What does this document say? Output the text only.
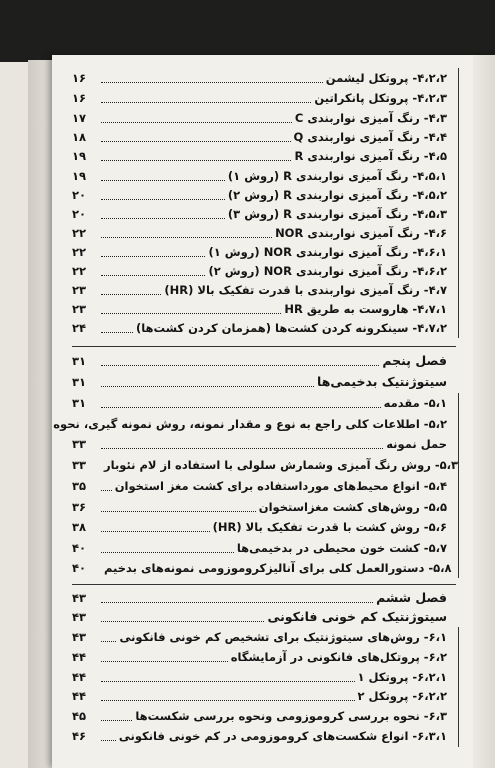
۱۶	۴،۲،۲- پروتکل لیشمن
۱۶	۴،۲،۳- پروتکل پانکراتین
۱۷	۴،۳- رنگ آمیزی نواربندی C
۱۸	۴،۴- رنگ آمیزی نواربندی Q
۱۹	۴،۵- رنگ آمیزی نواربندی R
۱۹	۴،۵،۱- رنگ آمیزی نواربندی R (روش ۱)
۲۰	۴،۵،۲- رنگ آمیزی نواربندی R (روش ۲)
۲۰	۴،۵،۳- رنگ آمیزی نواربندی R (روش ۳)
۲۲	۴،۶- رنگ آمیزی نواربندی NOR
۲۲	۴،۶،۱- رنگ آمیزی نواربندی NOR (روش ۱)
۲۲	۴،۶،۲- رنگ آمیزی نواربندی NOR (روش ۲)
۲۳	۴،۷- رنگ آمیزی نواربندی با قدرت تفکیک بالا (HR)
۲۳	۴،۷،۱- هاروست به طریق HR
۲۴	۴،۷،۲- سینکرونه کردن کشت‌ها (همزمان کردن کشت‌ها)
۳۱	فصل پنجم
۳۱	سیتوژنتیک بدخیمی‌ها
۳۱	۵،۱- مقدمه
۵،۲- اطلاعات کلی راجع به نوع و مقدار نمونه، روش نمونه گیری، نحوه
۳۳	حمل نمونه
۳۳	۵،۳- روش رنگ آمیزی وشمارش سلولی با استفاده از لام نئوبار
۳۵	۵،۴- انواع محیط‌های مورداستفاده برای کشت مغز استخوان
۳۶	۵،۵- روش‌های کشت مغزاستخوان
۳۸	۵،۶- روش کشت با قدرت تفکیک بالا (HR)
۴۰	۵،۷- کشت خون محیطی در بدخیمی‌ها
۴۰	۵،۸- دستورالعمل کلی برای آنالیزکروموزومی نمونه‌های بدخیم
۴۳	فصل ششم
۴۳	سیتوژنتیک کم خونی فانکونی
۴۳	۶،۱- روش‌های سیتوژنتیک برای تشخیص کم خونی فانکونی
۴۴	۶،۲- پروتکل‌های فانکونی در آزمایشگاه
۴۴	۶،۲،۱- پروتکل ۱
۴۴	۶،۲،۲- پروتکل ۲
۴۵	۶،۳- نحوه بررسی کروموزومی ونحوه بررسی شکست‌ها
۴۶	۶،۳،۱- انواع شکست‌های کروموزومی در کم خونی فانکونی
